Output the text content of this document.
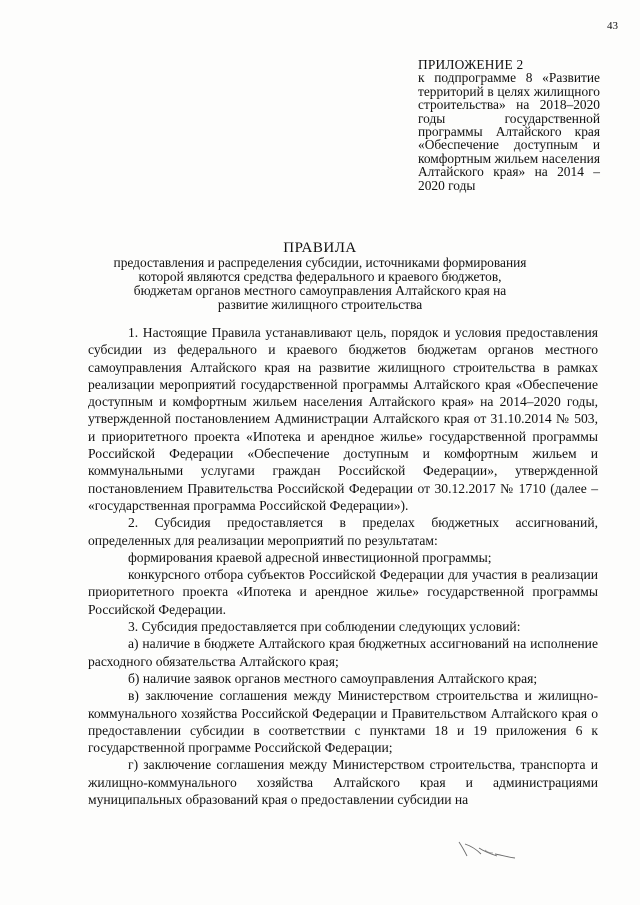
43
ПРИЛОЖЕНИЕ 2
к подпрограмме 8 «Развитие территорий в целях жилищного строительства» на 2018–2020 годы государственной программы Алтайского края «Обеспечение доступным и комфортным жильем населения Алтайского края» на 2014 – 2020 годы
ПРАВИЛА
предоставления и распределения субсидии, источниками формирования которой являются средства федерального и краевого бюджетов, бюджетам органов местного самоуправления Алтайского края на развитие жилищного строительства

1. Настоящие Правила устанавливают цель, порядок и условия предоставления субсидии из федерального и краевого бюджетов бюджетам органов местного самоуправления Алтайского края на развитие жилищного строительства в рамках реализации мероприятий государственной программы Алтайского края «Обеспечение доступным и комфортным жильем населения Алтайского края» на 2014–2020 годы, утвержденной постановлением Администрации Алтайского края от 31.10.2014 № 503, и приоритетного проекта «Ипотека и арендное жилье» государственной программы Российской Федерации «Обеспечение доступным и комфортным жильем и коммунальными услугами граждан Российской Федерации», утвержденной постановлением Правительства Российской Федерации от 30.12.2017 № 1710 (далее – «государственная программа Российской Федерации»).

2. Субсидия предоставляется в пределах бюджетных ассигнований, определенных для реализации мероприятий по результатам:

формирования краевой адресной инвестиционной программы;

конкурсного отбора субъектов Российской Федерации для участия в реализации приоритетного проекта «Ипотека и арендное жилье» государственной программы Российской Федерации.

3. Субсидия предоставляется при соблюдении следующих условий:

а) наличие в бюджете Алтайского края бюджетных ассигнований на исполнение расходного обязательства Алтайского края;

б) наличие заявок органов местного самоуправления Алтайского края;

в) заключение соглашения между Министерством строительства и жилищно-коммунального хозяйства Российской Федерации и Правительством Алтайского края о предоставлении субсидии в соответствии с пунктами 18 и 19 приложения 6 к государственной программе Российской Федерации;

г) заключение соглашения между Министерством строительства, транспорта и жилищно-коммунального хозяйства Алтайского края и администрациями муниципальных образований края о предоставлении субсидии на
